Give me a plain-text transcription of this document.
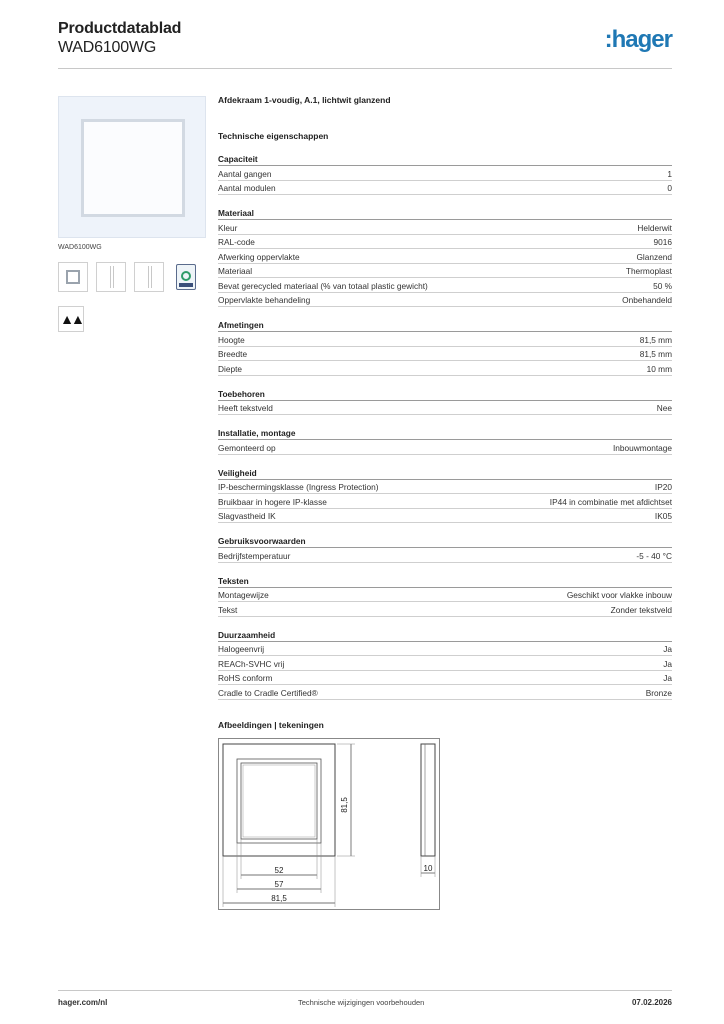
Productdatablad
WAD6100WG	:hager
WAD6100WG
▲▲
Afdekraam 1-voudig, A.1, lichtwit glanzend
Technische eigenschappen
Capaciteit
Aantal gangen	1
Aantal modulen	0
Materiaal
Kleur	Helderwit
RAL-code	9016
Afwerking oppervlakte	Glanzend
Materiaal	Thermoplast
Bevat gerecycled materiaal (% van totaal plastic gewicht)	50 %
Oppervlakte behandeling	Onbehandeld
Afmetingen
Hoogte	81,5 mm
Breedte	81,5 mm
Diepte	10 mm
Toebehoren
Heeft tekstveld	Nee
Installatie, montage
Gemonteerd op	Inbouwmontage
Veiligheid
IP-beschermingsklasse (Ingress Protection)	IP20
Bruikbaar in hogere IP-klasse	IP44 in combinatie met afdichtset
Slagvastheid IK	IK05
Gebruiksvoorwaarden
Bedrijfstemperatuur	-5 - 40 °C
Teksten
Montagewijze	Geschikt voor vlakke inbouw
Tekst	Zonder tekstveld
Duurzaamheid
Halogeenvrij	Ja
REACh-SVHC vrij	Ja
RoHS conform	Ja
Cradle to Cradle Certified®	Bronze
Afbeeldingen | tekeningen
81,5
52
57
81,5
10
hager.com/nl	Technische wijzigingen voorbehouden	07.02.2026
